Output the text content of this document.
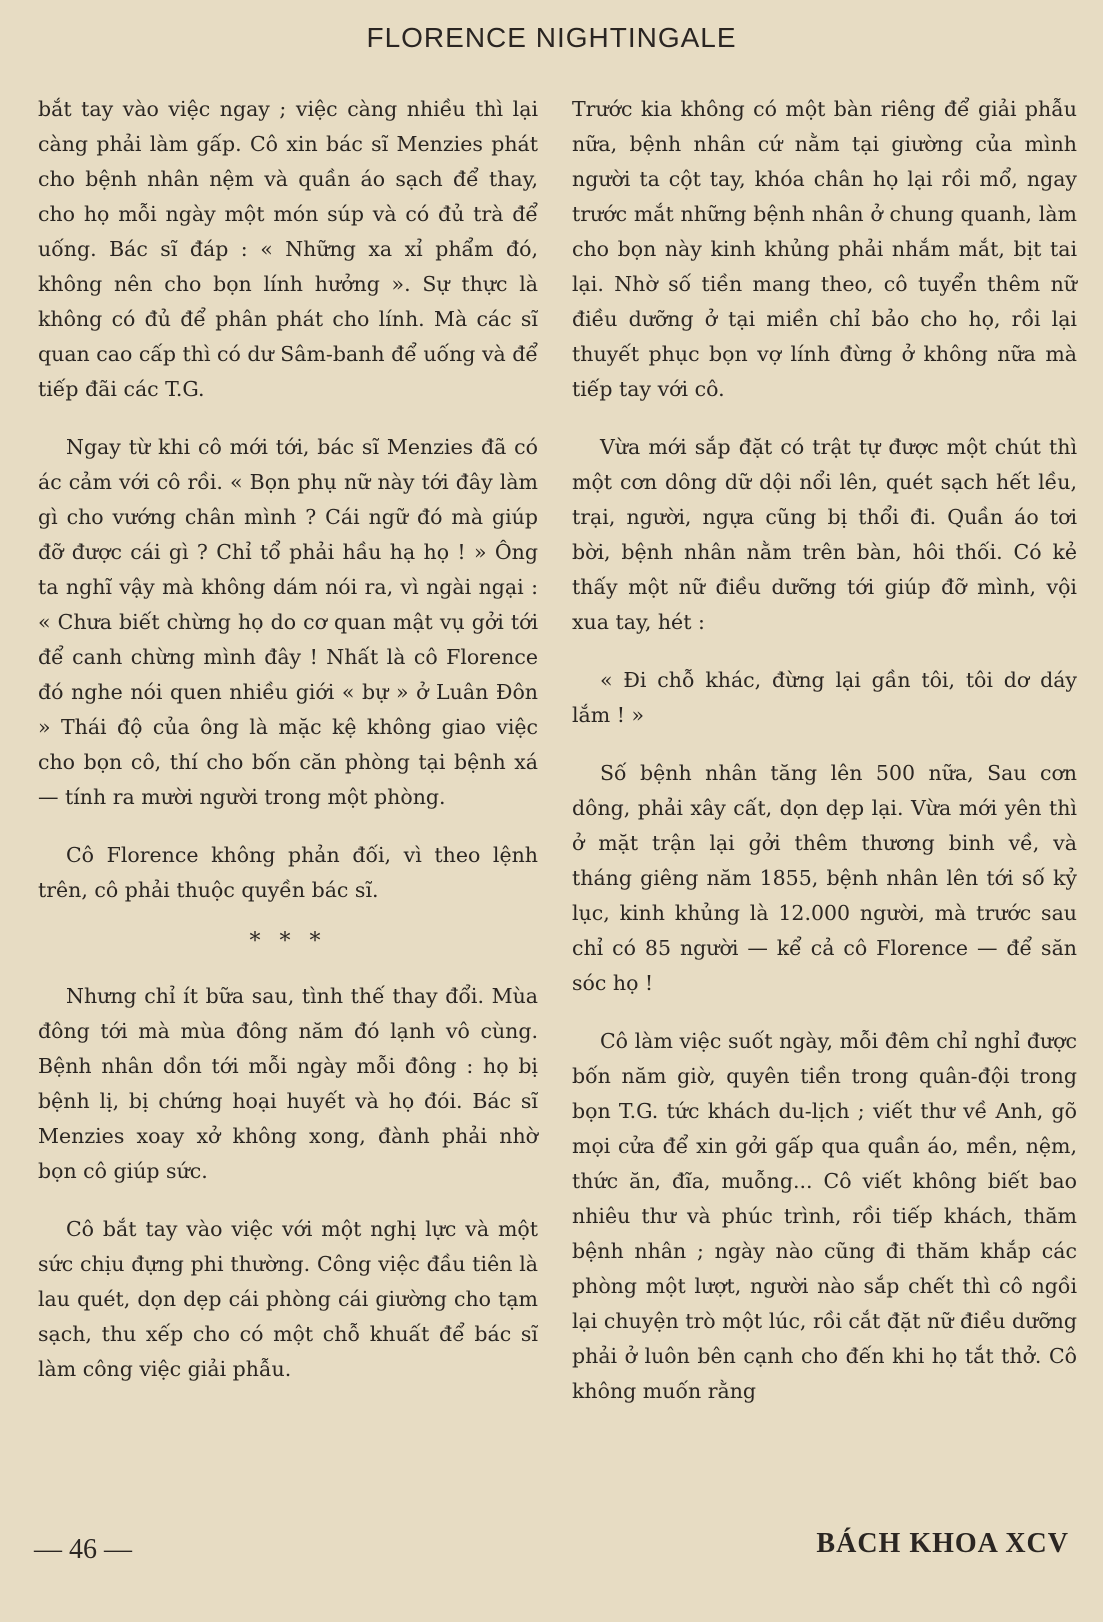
FLORENCE NIGHTINGALE

bắt tay vào việc ngay ; việc càng nhiều thì lại càng phải làm gấp. Cô xin bác sĩ Menzies phát cho bệnh nhân nệm và quần áo sạch để thay, cho họ mỗi ngày một món súp và có đủ trà để uống. Bác sĩ đáp : « Những xa xỉ phẩm đó, không nên cho bọn lính hưởng ». Sự thực là không có đủ để phân phát cho lính. Mà các sĩ quan cao cấp thì có dư Sâm-banh để uống và để tiếp đãi các T.G.

Ngay từ khi cô mới tới, bác sĩ Menzies đã có ác cảm với cô rồi. « Bọn phụ nữ này tới đây làm gì cho vướng chân mình ? Cái ngữ đó mà giúp đỡ được cái gì ? Chỉ tổ phải hầu hạ họ ! » Ông ta nghĩ vậy mà không dám nói ra, vì ngài ngại : « Chưa biết chừng họ do cơ quan mật vụ gởi tới để canh chừng mình đây ! Nhất là cô Florence đó nghe nói quen nhiều giới « bự » ở Luân Đôn » Thái độ của ông là mặc kệ không giao việc cho bọn cô, thí cho bốn căn phòng tại bệnh xá — tính ra mười người trong một phòng.

Cô Florence không phản đối, vì theo lệnh trên, cô phải thuộc quyền bác sĩ.

* * *

Nhưng chỉ ít bữa sau, tình thế thay đổi. Mùa đông tới mà mùa đông năm đó lạnh vô cùng. Bệnh nhân dồn tới mỗi ngày mỗi đông : họ bị bệnh lị, bị chứng hoại huyết và họ đói. Bác sĩ Menzies xoay xở không xong, đành phải nhờ bọn cô giúp sức.

Cô bắt tay vào việc với một nghị lực và một sức chịu đựng phi thường. Công việc đầu tiên là lau quét, dọn dẹp cái phòng cái giường cho tạm sạch, thu xếp cho có một chỗ khuất để bác sĩ làm công việc giải phẫu.

Trước kia không có một bàn riêng để giải phẫu nữa, bệnh nhân cứ nằm tại giường của mình người ta cột tay, khóa chân họ lại rồi mổ, ngay trước mắt những bệnh nhân ở chung quanh, làm cho bọn này kinh khủng phải nhắm mắt, bịt tai lại. Nhờ số tiền mang theo, cô tuyển thêm nữ điều dưỡng ở tại miền chỉ bảo cho họ, rồi lại thuyết phục bọn vợ lính đừng ở không nữa mà tiếp tay với cô.

Vừa mới sắp đặt có trật tự được một chút thì một cơn dông dữ dội nổi lên, quét sạch hết lều, trại, người, ngựa cũng bị thổi đi. Quần áo tơi bời, bệnh nhân nằm trên bàn, hôi thối. Có kẻ thấy một nữ điều dưỡng tới giúp đỡ mình, vội xua tay, hét :

« Đi chỗ khác, đừng lại gần tôi, tôi dơ dáy lắm ! »

Số bệnh nhân tăng lên 500 nữa, Sau cơn dông, phải xây cất, dọn dẹp lại. Vừa mới yên thì ở mặt trận lại gởi thêm thương binh về, và tháng giêng năm 1855, bệnh nhân lên tới số kỷ lục, kinh khủng là 12.000 người, mà trước sau chỉ có 85 người — kể cả cô Florence — để săn sóc họ !

Cô làm việc suốt ngày, mỗi đêm chỉ nghỉ được bốn năm giờ, quyên tiền trong quân-đội trong bọn T.G. tức khách du-lịch ; viết thư về Anh, gõ mọi cửa để xin gởi gấp qua quần áo, mền, nệm, thức ăn, đĩa, muỗng... Cô viết không biết bao nhiêu thư và phúc trình, rồi tiếp khách, thăm bệnh nhân ; ngày nào cũng đi thăm khắp các phòng một lượt, người nào sắp chết thì cô ngồi lại chuyện trò một lúc, rồi cắt đặt nữ điều dưỡng phải ở luôn bên cạnh cho đến khi họ tắt thở. Cô không muốn rằng

— 46 —	BÁCH KHOA XCV
